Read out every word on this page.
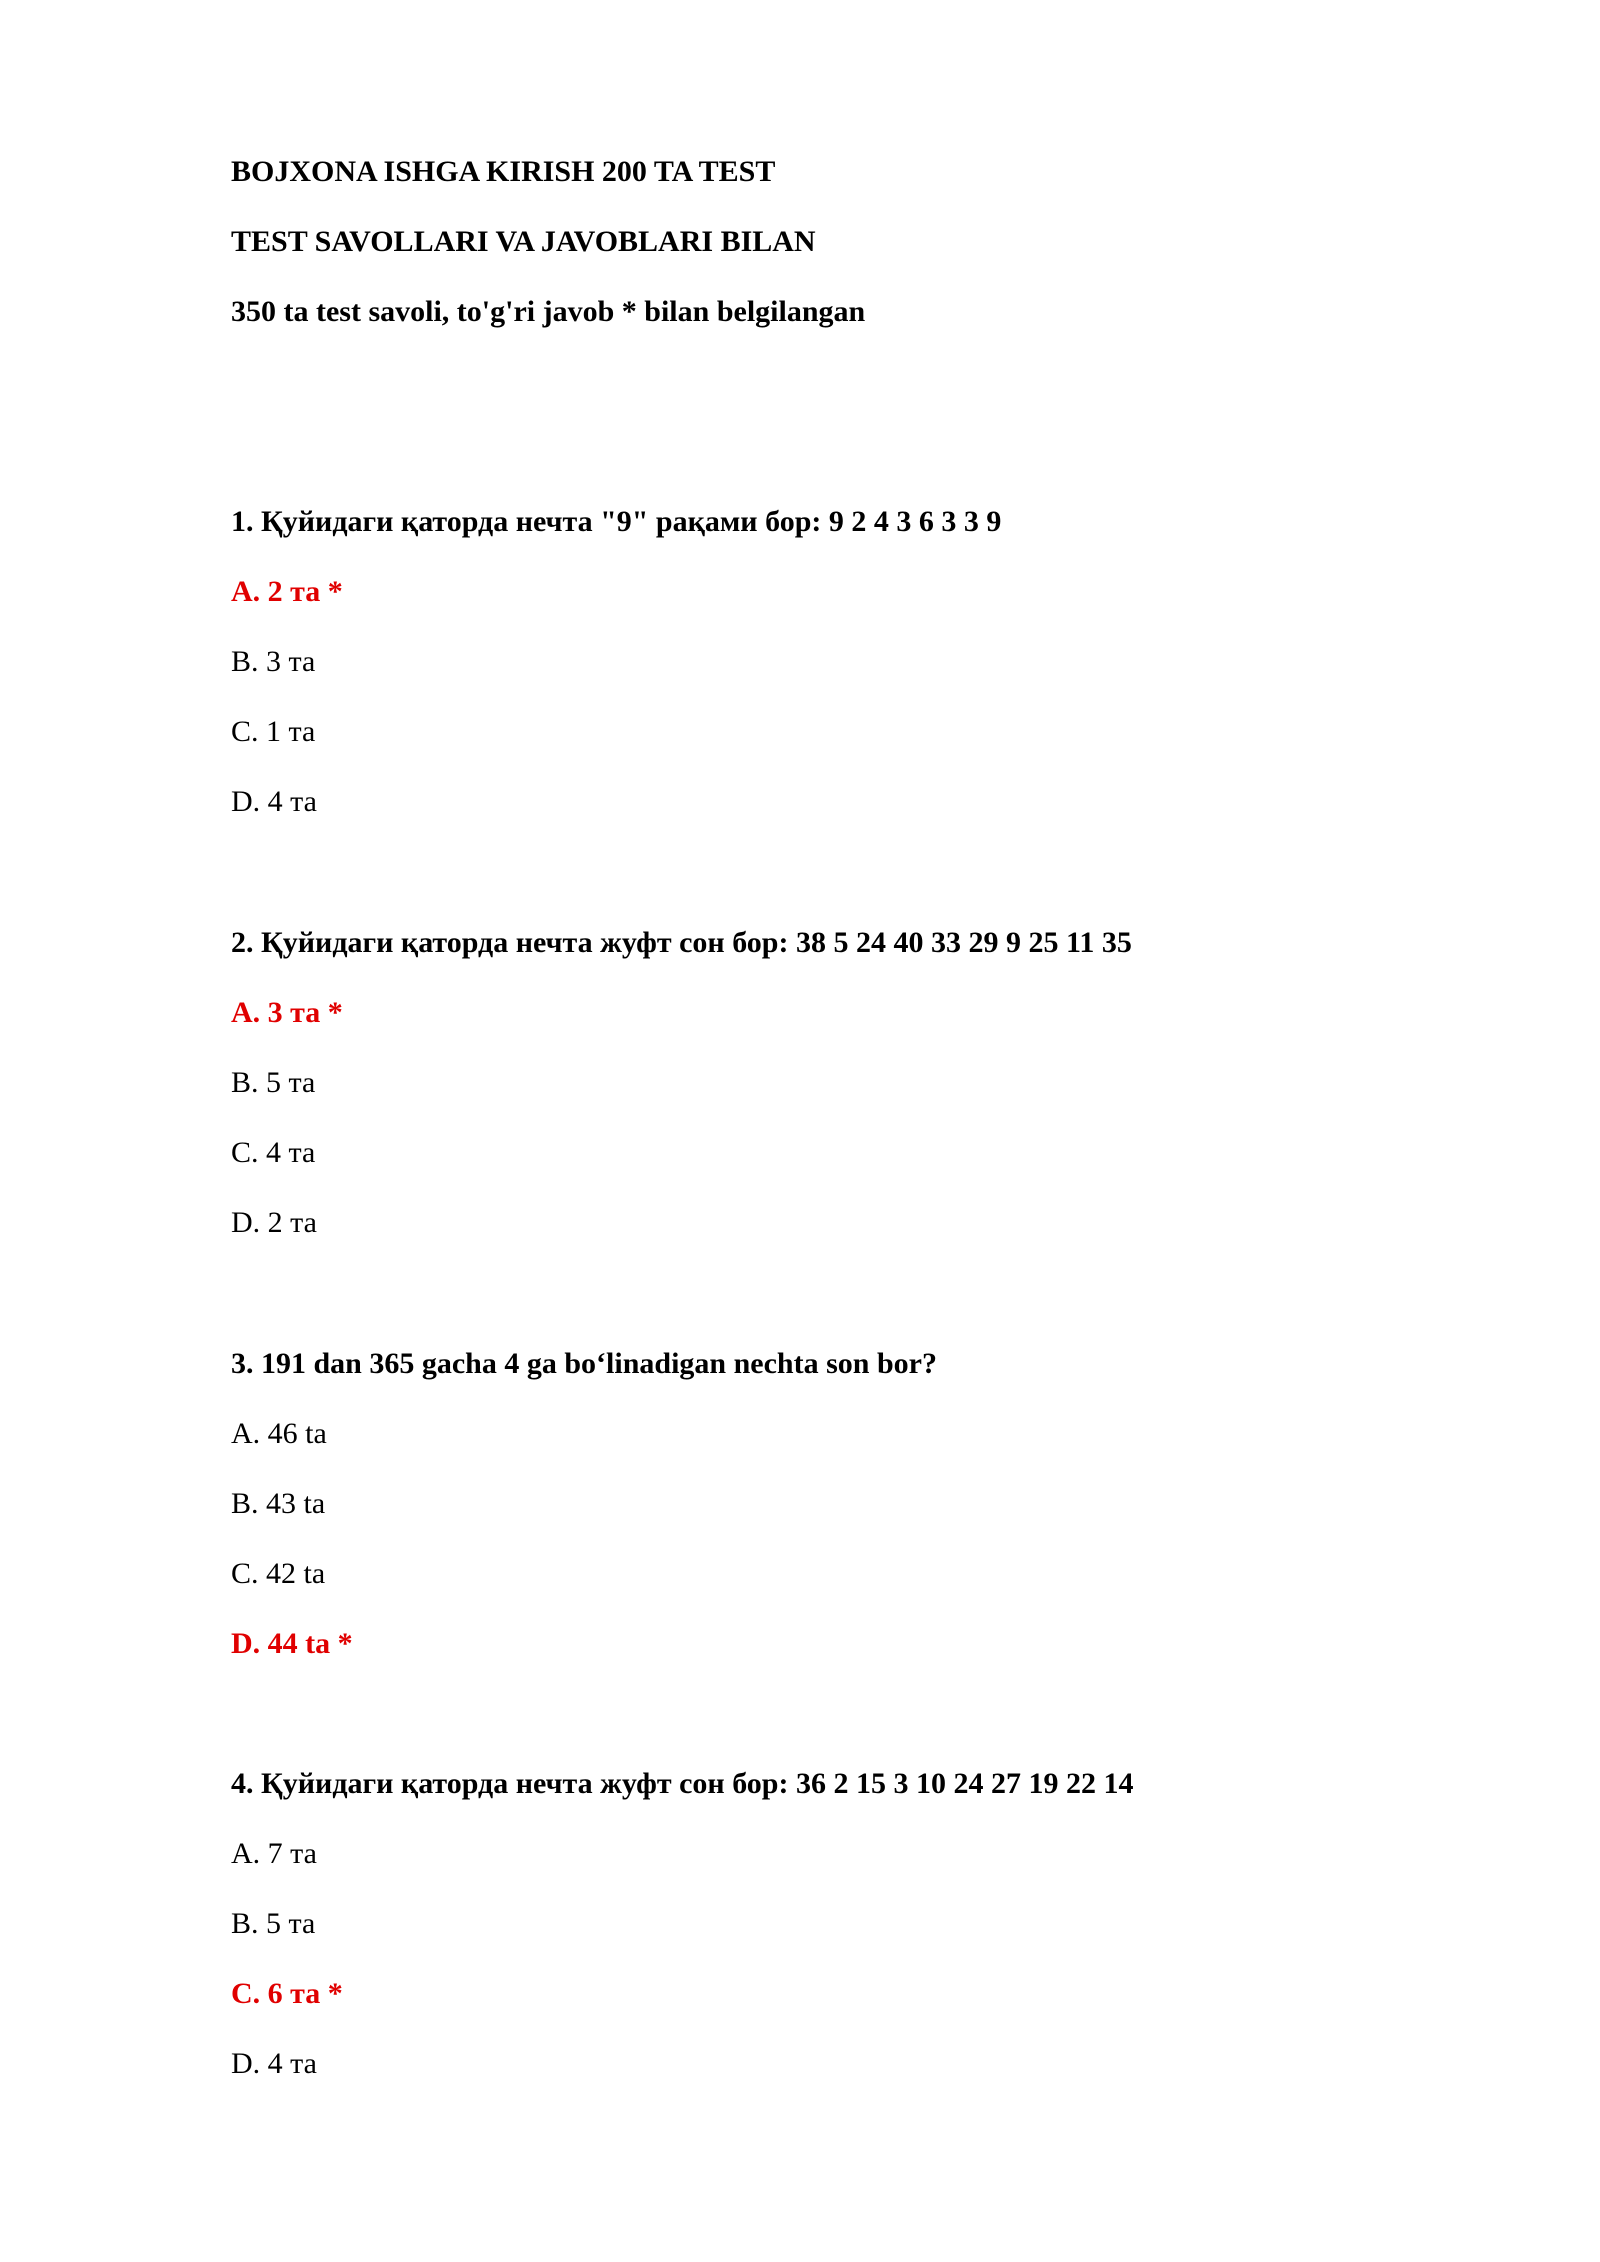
BOJXONA ISHGA KIRISH 200 TA TEST
TEST SAVOLLARI VA JAVOBLARI BILAN
350 ta test savoli, to'g'ri javob * bilan belgilangan
1. Қуйидаги қаторда нечта "9" рақами бор: 9 2 4 3 6 3 3 9
A. 2 та *
B. 3 та
C. 1 та
D. 4 та
2. Қуйидаги қаторда нечта жуфт сон бор: 38 5 24 40 33 29 9 25 11 35
A. 3 та *
B. 5 та
C. 4 та
D. 2 та
3. 191 dan 365 gacha 4 ga bo‘linadigan nechta son bor?
A. 46 ta
B. 43 ta
C. 42 ta
D. 44 ta *
4. Қуйидаги қаторда нечта жуфт сон бор: 36 2 15 3 10 24 27 19 22 14
A. 7 та
B. 5 та
C. 6 та *
D. 4 та
